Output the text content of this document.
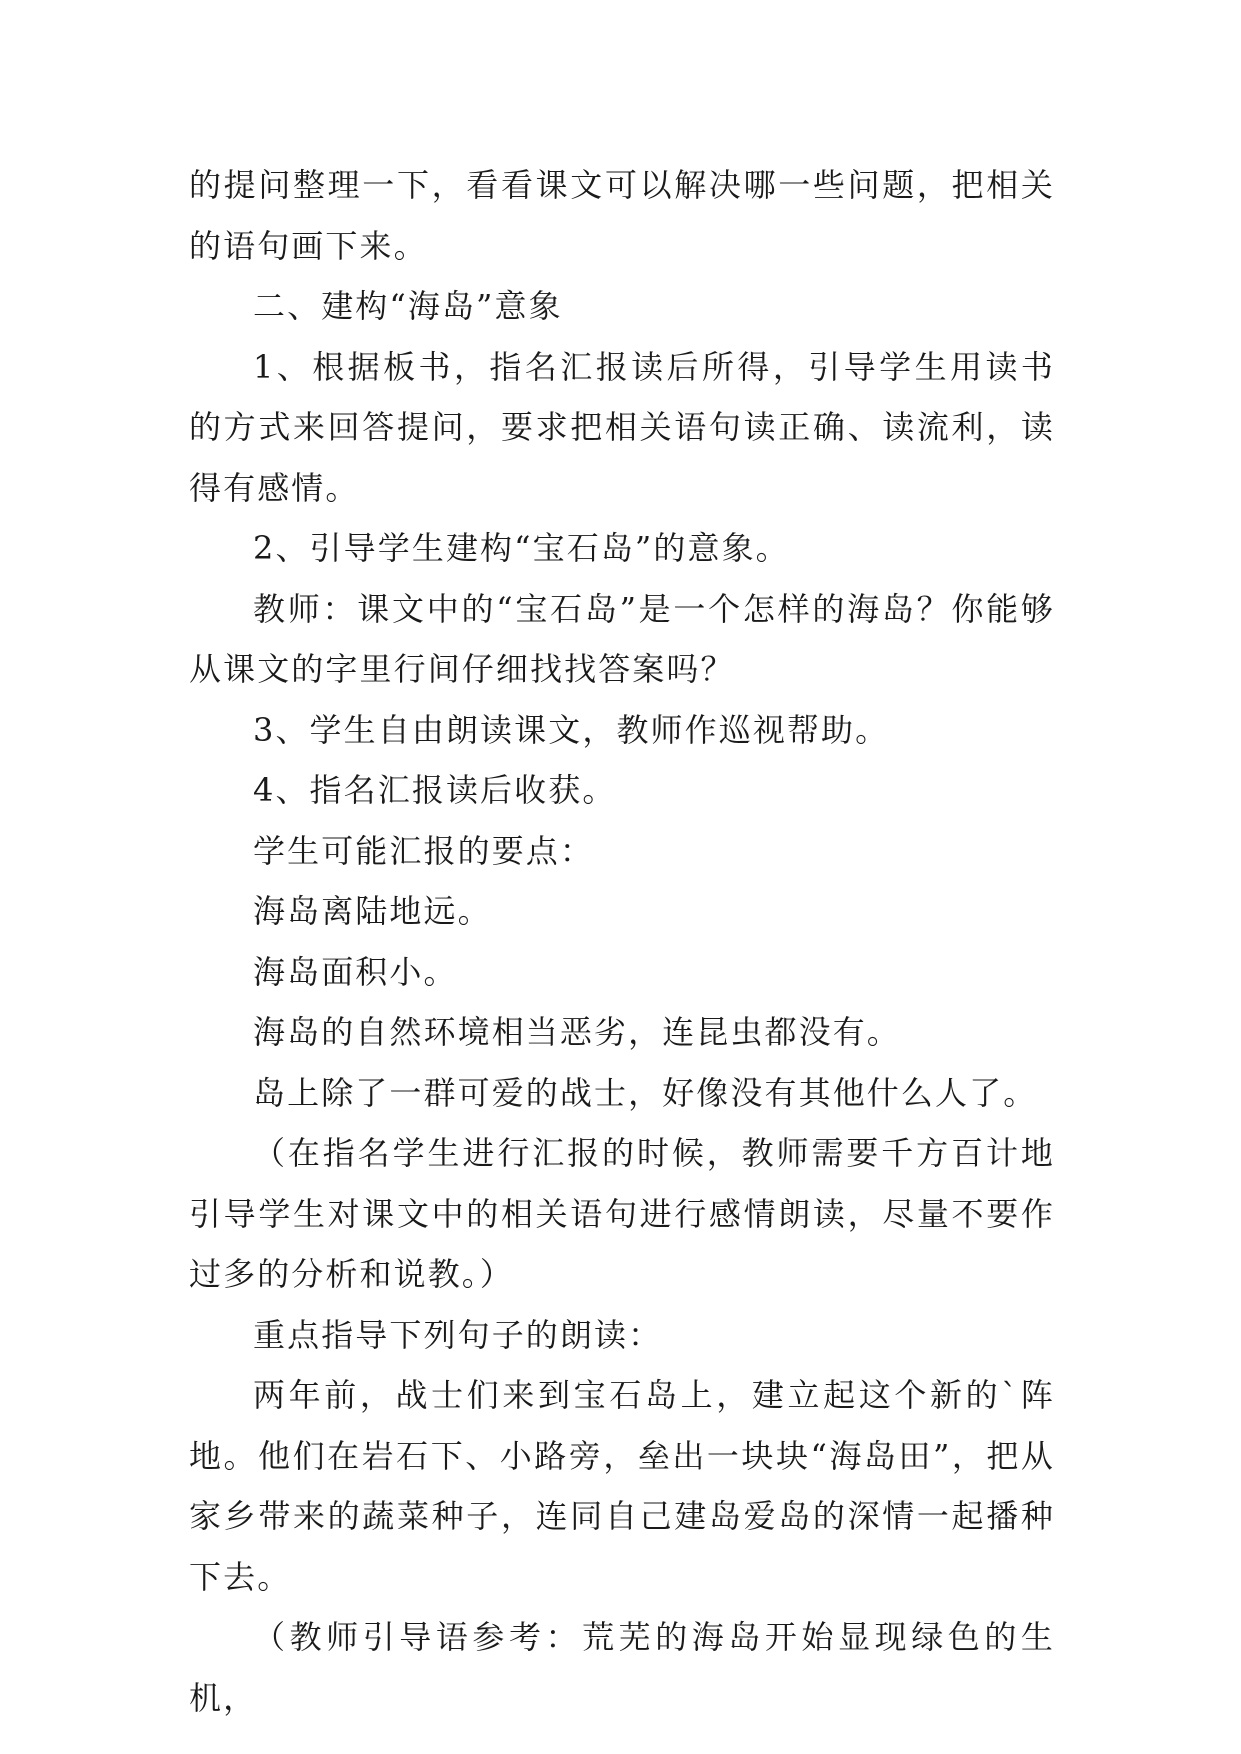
的提问整理一下，看看课文可以解决哪一些问题，把相关的语句画下来。

二、建构“海岛”意象

1、根据板书，指名汇报读后所得，引导学生用读书的方式来回答提问，要求把相关语句读正确、读流利，读得有感情。

2、引导学生建构“宝石岛”的意象。

教师：课文中的“宝石岛”是一个怎样的海岛？你能够从课文的字里行间仔细找找答案吗？

3、学生自由朗读课文，教师作巡视帮助。

4、指名汇报读后收获。

学生可能汇报的要点：

海岛离陆地远。

海岛面积小。

海岛的自然环境相当恶劣，连昆虫都没有。

岛上除了一群可爱的战士，好像没有其他什么人了。

（在指名学生进行汇报的时候，教师需要千方百计地引导学生对课文中的相关语句进行感情朗读，尽量不要作过多的分析和说教。）

重点指导下列句子的朗读：

两年前，战士们来到宝石岛上，建立起这个新的`阵地。他们在岩石下、小路旁，垒出一块块“海岛田”，把从家乡带来的蔬菜种子，连同自己建岛爱岛的深情一起播种下去。

（教师引导语参考：荒芜的海岛开始显现绿色的生机，
